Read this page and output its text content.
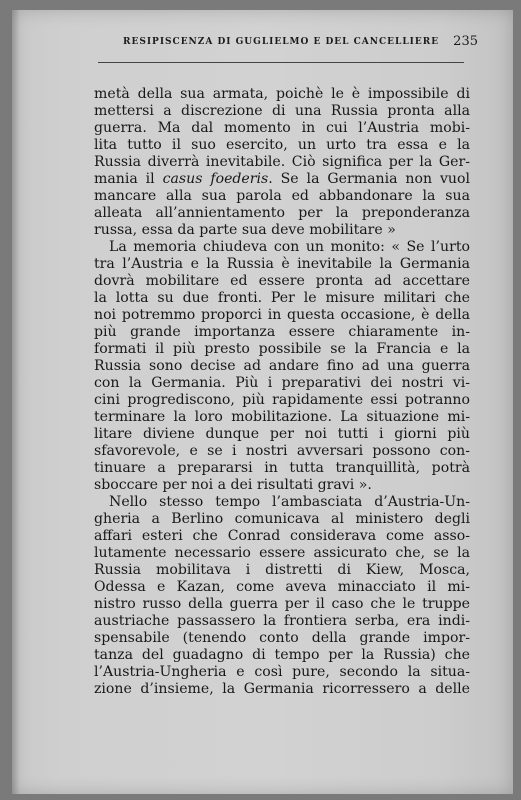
RESIPISCENZA DI GUGLIELMO E DEL CANCELLIERE 235
metà della sua armata, poichè le è impossibile di
mettersi a discrezione di una Russia pronta alla
guerra. Ma dal momento in cui l’Austria mobi-
lita tutto il suo esercito, un urto tra essa e la
Russia diverrà inevitabile. Ciò significa per la Ger-
mania il casus foederis. Se la Germania non vuol
mancare alla sua parola ed abbandonare la sua
alleata all’annientamento per la preponderanza
russa, essa da parte sua deve mobilitare »
La memoria chiudeva con un monito: « Se l’urto
tra l’Austria e la Russia è inevitabile la Germania
dovrà mobilitare ed essere pronta ad accettare
la lotta su due fronti. Per le misure militari che
noi potremmo proporci in questa occasione, è della
più grande importanza essere chiaramente in-
formati il più presto possibile se la Francia e la
Russia sono decise ad andare fino ad una guerra
con la Germania. Più i preparativi dei nostri vi-
cini progrediscono, più rapidamente essi potranno
terminare la loro mobilitazione. La situazione mi-
litare diviene dunque per noi tutti i giorni più
sfavorevole, e se i nostri avversari possono con-
tinuare a prepararsi in tutta tranquillità, potrà
sboccare per noi a dei risultati gravi ».
Nello stesso tempo l’ambasciata d’Austria-Un-
gheria a Berlino comunicava al ministero degli
affari esteri che Conrad considerava come asso-
lutamente necessario essere assicurato che, se la
Russia mobilitava i distretti di Kiew, Mosca,
Odessa e Kazan, come aveva minacciato il mi-
nistro russo della guerra per il caso che le truppe
austriache passassero la frontiera serba, era indi-
spensabile (tenendo conto della grande impor-
tanza del guadagno di tempo per la Russia) che
l’Austria-Ungheria e così pure, secondo la situa-
zione d’insieme, la Germania ricorressero a delle
